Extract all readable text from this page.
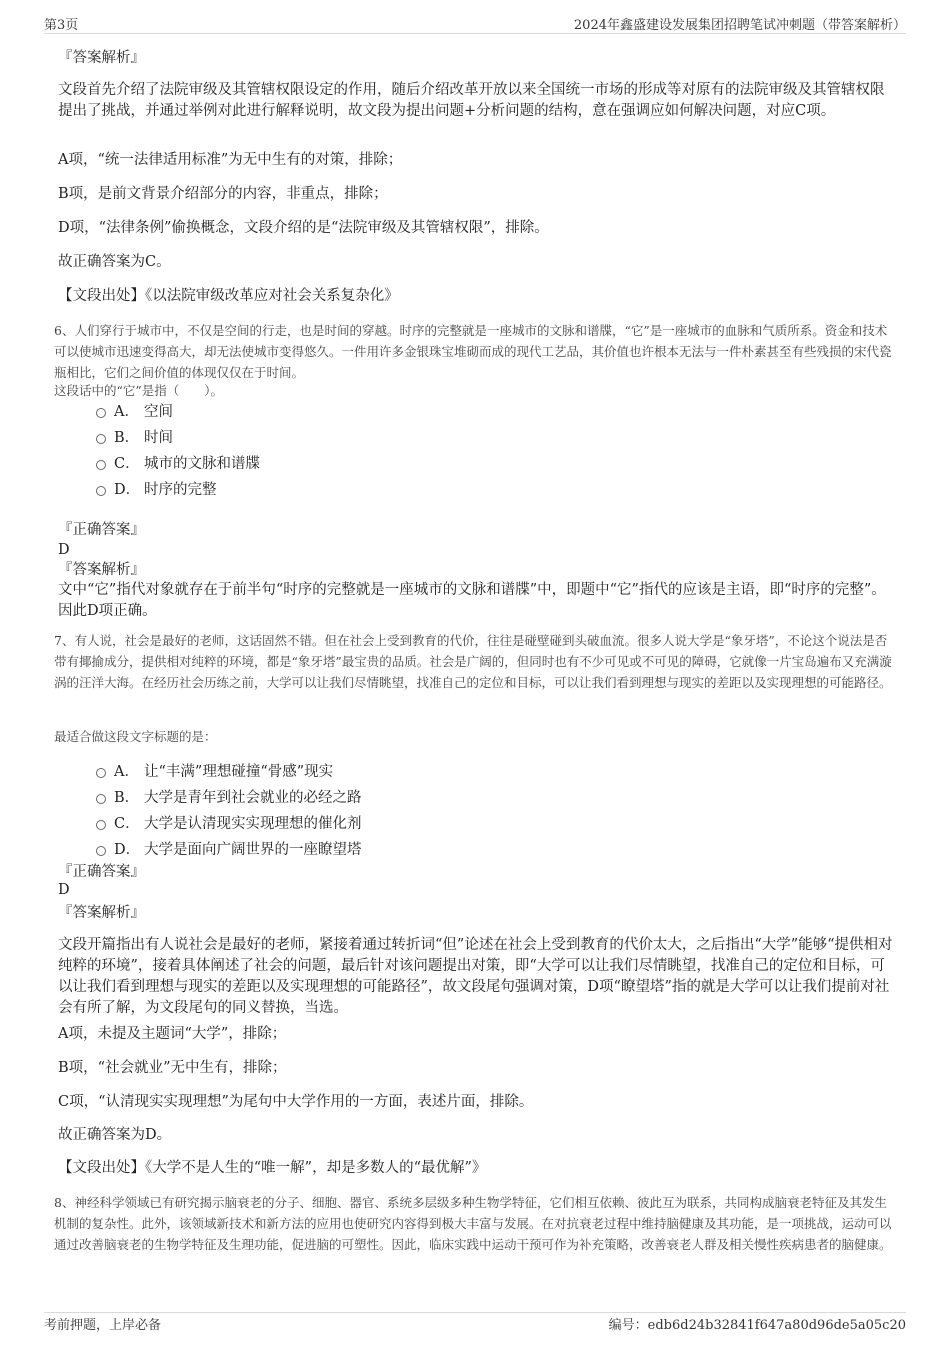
第3页	2024年鑫盛建设发展集团招聘笔试冲刺题（带答案解析）
『答案解析』
文段首先介绍了法院审级及其管辖权限设定的作用，随后介绍改革开放以来全国统一市场的形成等对原有的法院审级及其管辖权限提出了挑战，并通过举例对此进行解释说明，故文段为提出问题+分析问题的结构，意在强调应如何解决问题，对应C项。
A项，“统一法律适用标准”为无中生有的对策，排除；
B项，是前文背景介绍部分的内容，非重点，排除；
D项，“法律条例”偷换概念，文段介绍的是“法院审级及其管辖权限”，排除。
故正确答案为C。
【文段出处】《以法院审级改革应对社会关系复杂化》
6、人们穿行于城市中，不仅是空间的行走，也是时间的穿越。时序的完整就是一座城市的文脉和谱牒，“它”是一座城市的血脉和气质所系。资金和技术可以使城市迅速变得高大，却无法使城市变得悠久。一件用许多金银珠宝堆砌而成的现代工艺品，其价值也许根本无法与一件朴素甚至有些残损的宋代瓷瓶相比，它们之间价值的体现仅仅在于时间。
这段话中的“它”是指（　　）。
A． 空间
B． 时间
C． 城市的文脉和谱牒
D． 时序的完整
『正确答案』
D
『答案解析』
文中“它”指代对象就存在于前半句“时序的完整就是一座城市的文脉和谱牒”中，即题中“它”指代的应该是主语，即“时序的完整”。因此D项正确。
7、有人说，社会是最好的老师，这话固然不错。但在社会上受到教育的代价，往往是碰壁碰到头破血流。很多人说大学是“象牙塔”，不论这个说法是否带有揶揄成分，提供相对纯粹的环境，都是“象牙塔”最宝贵的品质。社会是广阔的，但同时也有不少可见或不可见的障碍，它就像一片宝岛遍布又充满漩涡的汪洋大海。在经历社会历练之前，大学可以让我们尽情眺望，找准自己的定位和目标，可以让我们看到理想与现实的差距以及实现理想的可能路径。
最适合做这段文字标题的是：
A． 让“丰满”理想碰撞“骨感”现实
B． 大学是青年到社会就业的必经之路
C． 大学是认清现实实现理想的催化剂
D． 大学是面向广阔世界的一座瞭望塔
『正确答案』
D
『答案解析』
文段开篇指出有人说社会是最好的老师，紧接着通过转折词“但”论述在社会上受到教育的代价太大，之后指出“大学”能够“提供相对纯粹的环境”，接着具体阐述了社会的问题，最后针对该问题提出对策，即“大学可以让我们尽情眺望，找准自己的定位和目标，可以让我们看到理想与现实的差距以及实现理想的可能路径”，故文段尾句强调对策，D项“瞭望塔”指的就是大学可以让我们提前对社会有所了解，为文段尾句的同义替换，当选。
A项，未提及主题词“大学”，排除；
B项，“社会就业”无中生有，排除；
C项，“认清现实实现理想”为尾句中大学作用的一方面，表述片面，排除。
故正确答案为D。
【文段出处】《大学不是人生的“唯一解”，却是多数人的“最优解”》
8、神经科学领域已有研究揭示脑衰老的分子、细胞、器官、系统多层级多种生物学特征，它们相互依赖、彼此互为联系，共同构成脑衰老特征及其发生机制的复杂性。此外，该领域新技术和新方法的应用也使研究内容得到极大丰富与发展。在对抗衰老过程中维持脑健康及其功能，是一项挑战，运动可以通过改善脑衰老的生物学特征及生理功能，促进脑的可塑性。因此，临床实践中运动干预可作为补充策略，改善衰老人群及相关慢性疾病患者的脑健康。
考前押题，上岸必备	编号：edb6d24b32841f647a80d96de5a05c20
